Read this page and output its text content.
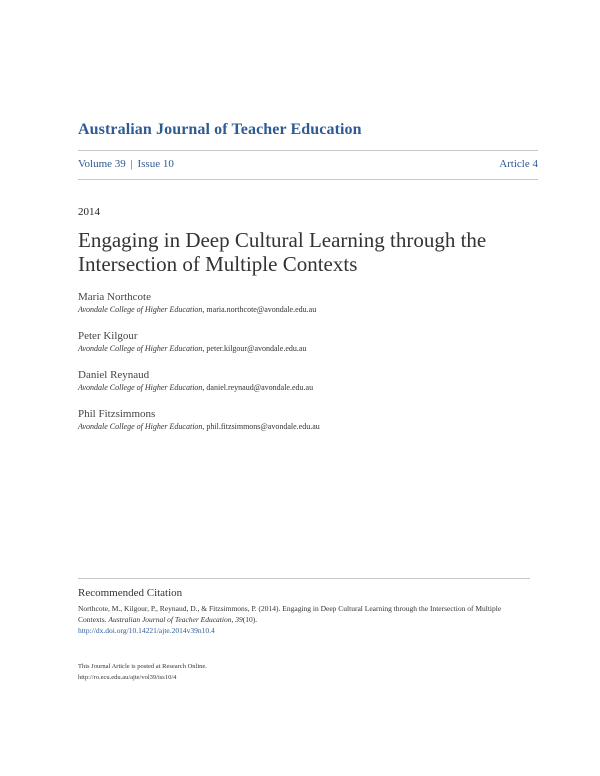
Australian Journal of Teacher Education
Volume 39 | Issue 10	Article 4
2014
Engaging in Deep Cultural Learning through the Intersection of Multiple Contexts
Maria Northcote
Avondale College of Higher Education, maria.northcote@avondale.edu.au
Peter Kilgour
Avondale College of Higher Education, peter.kilgour@avondale.edu.au
Daniel Reynaud
Avondale College of Higher Education, daniel.reynaud@avondale.edu.au
Phil Fitzsimmons
Avondale College of Higher Education, phil.fitzsimmons@avondale.edu.au
Recommended Citation
Northcote, M., Kilgour, P., Reynaud, D., & Fitzsimmons, P. (2014). Engaging in Deep Cultural Learning through the Intersection of Multiple Contexts. Australian Journal of Teacher Education, 39(10).
http://dx.doi.org/10.14221/ajte.2014v39n10.4
This Journal Article is posted at Research Online.
http://ro.ecu.edu.au/ajte/vol39/iss10/4
